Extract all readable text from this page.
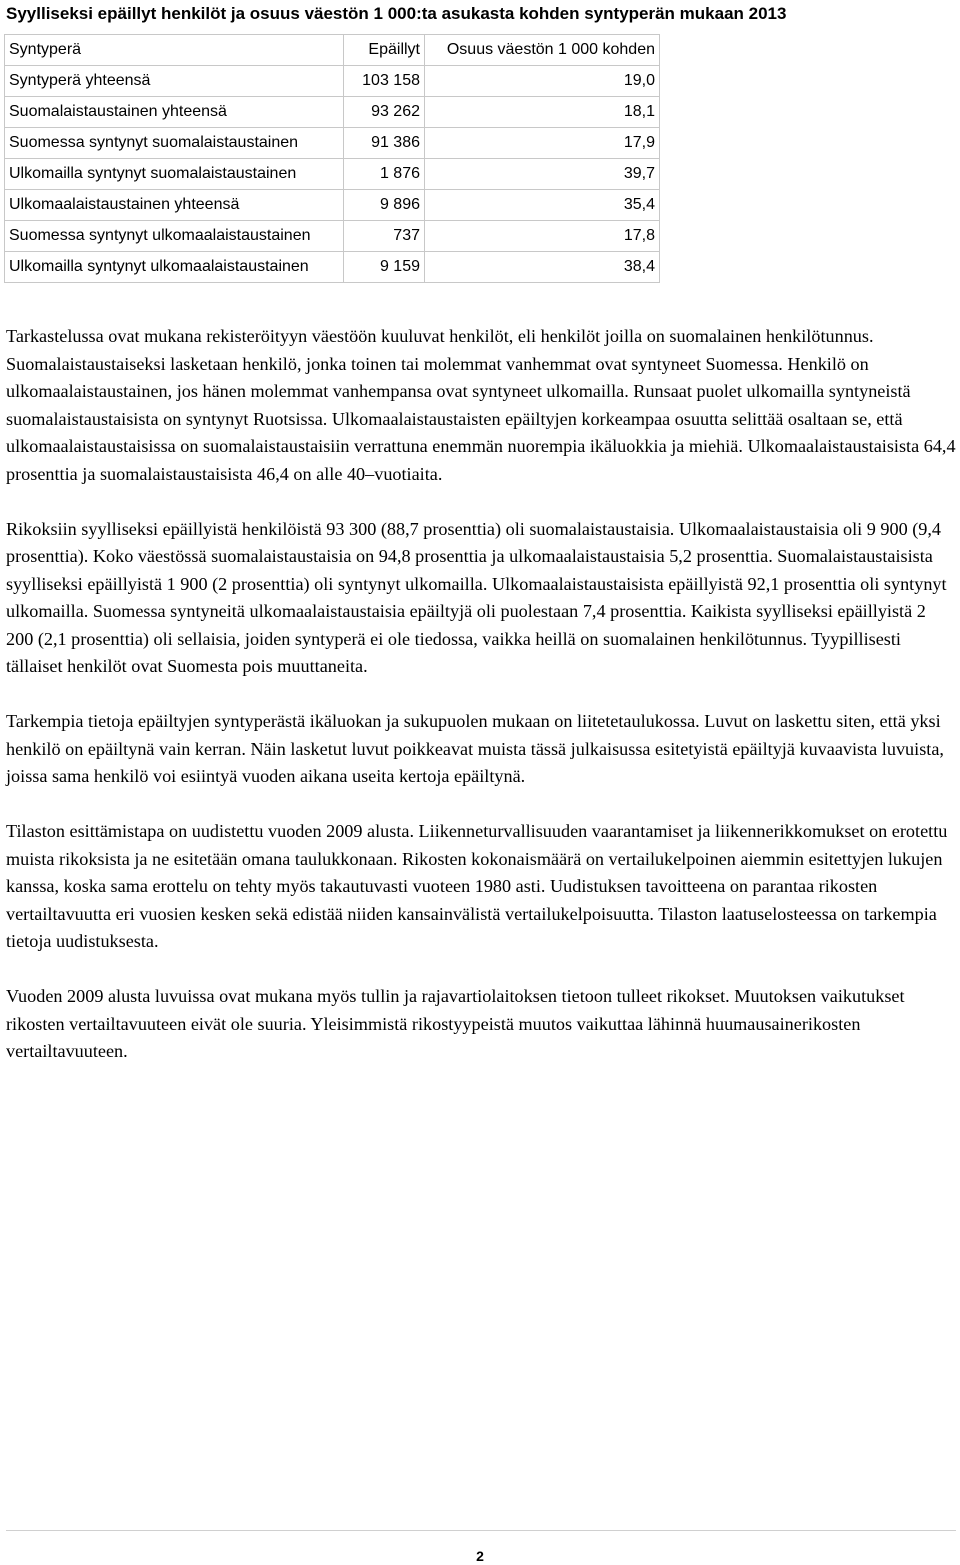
Syylliseksi epäillyt henkilöt ja osuus väestön 1 000:ta asukasta kohden syntyperän mukaan 2013
Syntyperä	Epäillyt	Osuus väestön 1 000 kohden
Syntyperä yhteensä	103 158	19,0
Suomalaistaustainen yhteensä	93 262	18,1
Suomessa syntynyt suomalaistaustainen	91 386	17,9
Ulkomailla syntynyt suomalaistaustainen	1 876	39,7
Ulkomaalaistaustainen yhteensä	9 896	35,4
Suomessa syntynyt ulkomaalaistaustainen	737	17,8
Ulkomailla syntynyt ulkomaalaistaustainen	9 159	38,4

Tarkastelussa ovat mukana rekisteröityyn väestöön kuuluvat henkilöt, eli henkilöt joilla on suomalainen henkilötunnus. Suomalaistaustaiseksi lasketaan henkilö, jonka toinen tai molemmat vanhemmat ovat syntyneet Suomessa. Henkilö on ulkomaalaistaustainen, jos hänen molemmat vanhempansa ovat syntyneet ulkomailla. Runsaat puolet ulkomailla syntyneistä suomalaistaustaisista on syntynyt Ruotsissa. Ulkomaalaistaustaisten epäiltyjen korkeampaa osuutta selittää osaltaan se, että ulkomaalaistaustaisissa on suomalaistaustaisiin verrattuna enemmän nuorempia ikäluokkia ja miehiä. Ulkomaalaistaustaisista 64,4 prosenttia ja suomalaistaustaisista 46,4 on alle 40–vuotiaita.

Rikoksiin syylliseksi epäillyistä henkilöistä 93 300 (88,7 prosenttia) oli suomalaistaustaisia. Ulkomaalaistaustaisia oli 9 900 (9,4 prosenttia). Koko väestössä suomalaistaustaisia on 94,8 prosenttia ja ulkomaalaistaustaisia 5,2 prosenttia. Suomalaistaustaisista syylliseksi epäillyistä 1 900 (2 prosenttia) oli syntynyt ulkomailla. Ulkomaalaistaustaisista epäillyistä 92,1 prosenttia oli syntynyt ulkomailla. Suomessa syntyneitä ulkomaalaistaustaisia epäiltyjä oli puolestaan 7,4 prosenttia. Kaikista syylliseksi epäillyistä 2 200 (2,1 prosenttia) oli sellaisia, joiden syntyperä ei ole tiedossa, vaikka heillä on suomalainen henkilötunnus. Tyypillisesti tällaiset henkilöt ovat Suomesta pois muuttaneita.

Tarkempia tietoja epäiltyjen syntyperästä ikäluokan ja sukupuolen mukaan on liitetetaulukossa. Luvut on laskettu siten, että yksi henkilö on epäiltynä vain kerran. Näin lasketut luvut poikkeavat muista tässä julkaisussa esitetyistä epäiltyjä kuvaavista luvuista, joissa sama henkilö voi esiintyä vuoden aikana useita kertoja epäiltynä.

Tilaston esittämistapa on uudistettu vuoden 2009 alusta. Liikenneturvallisuuden vaarantamiset ja liikennerikkomukset on erotettu muista rikoksista ja ne esitetään omana taulukkonaan. Rikosten kokonaismäärä on vertailukelpoinen aiemmin esitettyjen lukujen kanssa, koska sama erottelu on tehty myös takautuvasti vuoteen 1980 asti. Uudistuksen tavoitteena on parantaa rikosten vertailtavuutta eri vuosien kesken sekä edistää niiden kansainvälistä vertailukelpoisuutta. Tilaston laatuselosteessa on tarkempia tietoja uudistuksesta.

Vuoden 2009 alusta luvuissa ovat mukana myös tullin ja rajavartiolaitoksen tietoon tulleet rikokset. Muutoksen vaikutukset rikosten vertailtavuuteen eivät ole suuria. Yleisimmistä rikostyypeistä muutos vaikuttaa lähinnä huumausainerikosten vertailtavuuteen.

2
